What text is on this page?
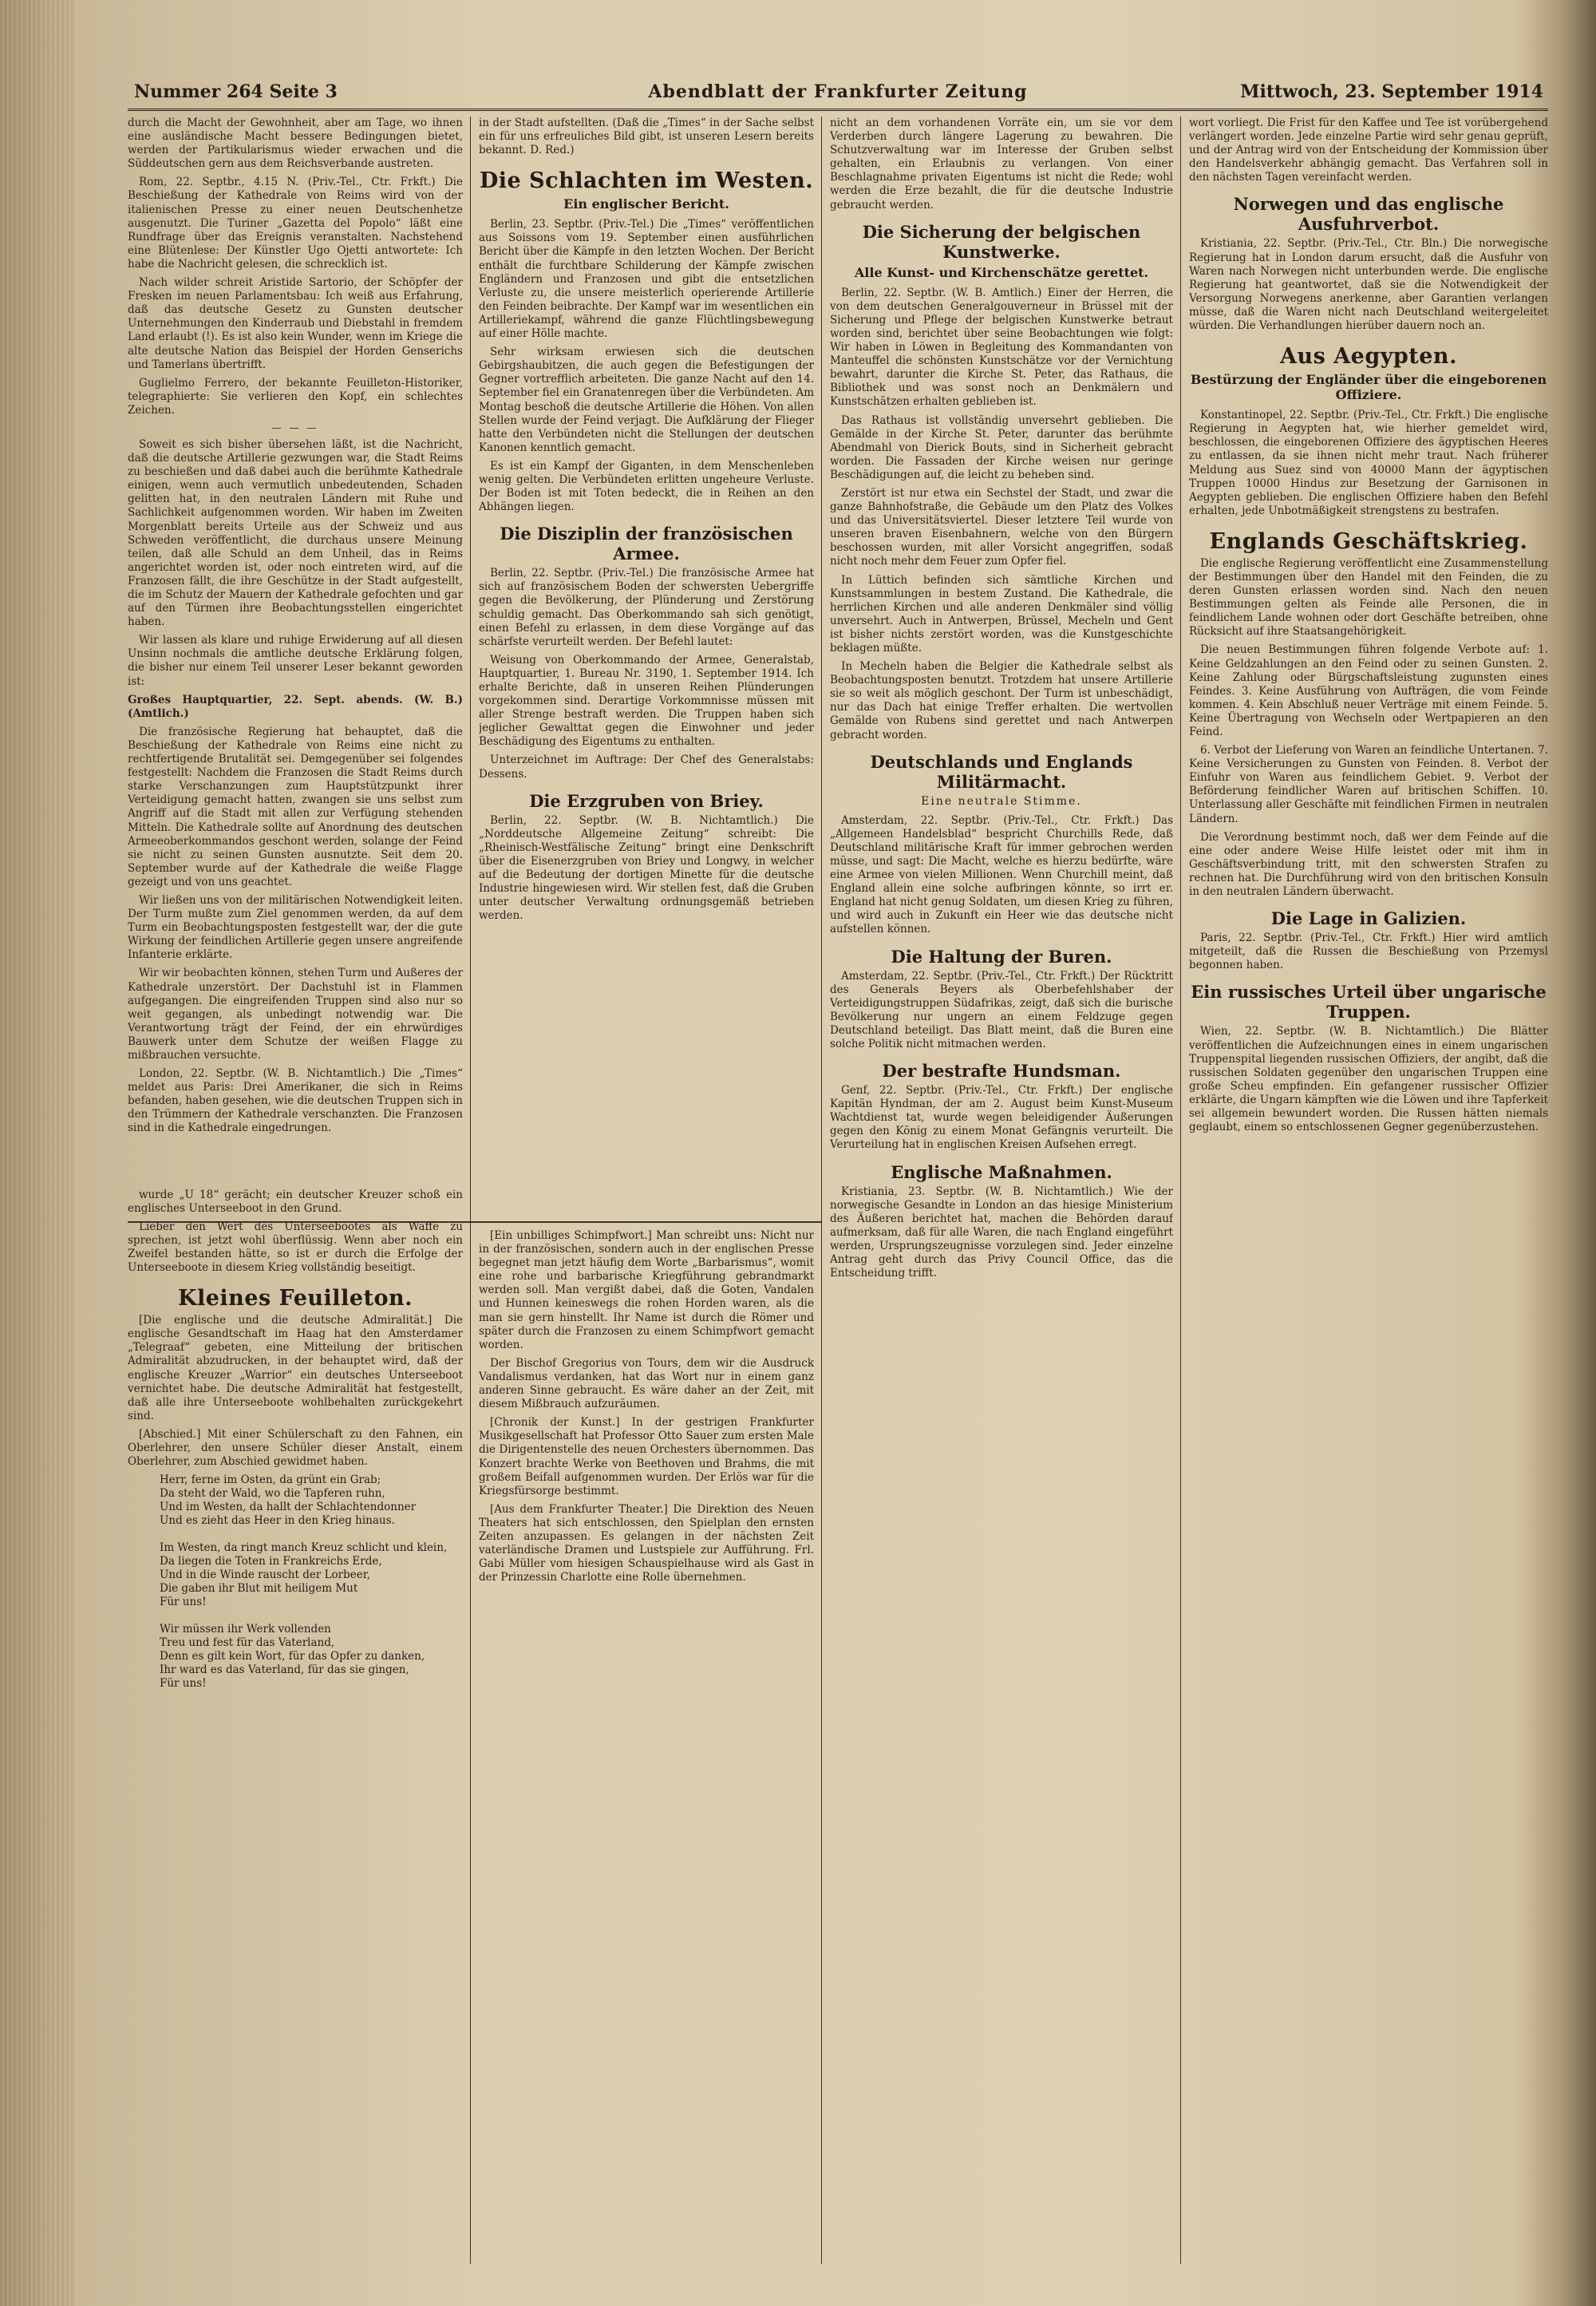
Nummer 264 Seite 3	Abendblatt der Frankfurter Zeitung	Mittwoch, 23. September 1914

durch die Macht der Gewohnheit, aber am Tage, wo ihnen eine ausländische Macht bessere Bedingungen bietet, werden der Partikularismus wieder erwachen und die Süddeutschen gern aus dem Reichsverbande austreten.

Rom, 22. Septbr., 4.15 N. (Priv.-Tel., Ctr. Frkft.) Die Beschießung der Kathedrale von Reims wird von der italienischen Presse zu einer neuen Deutschenhetze ausgenutzt. Die Turiner „Gazetta del Popolo“ läßt eine Rundfrage über das Ereignis veranstalten. Nachstehend eine Blütenlese: Der Künstler Ugo Ojetti antwortete: Ich habe die Nachricht gelesen, die schrecklich ist.

Nach wilder schreit Aristide Sartorio, der Schöpfer der Fresken im neuen Parlamentsbau: Ich weiß aus Erfahrung, daß das deutsche Gesetz zu Gunsten deutscher Unternehmungen den Kinderraub und Diebstahl in fremdem Land erlaubt (!). Es ist also kein Wunder, wenn im Kriege die alte deutsche Nation das Beispiel der Horden Genserichs und Tamerlans übertrifft.

Guglielmo Ferrero, der bekannte Feuilleton-Historiker, telegraphierte: Sie verlieren den Kopf, ein schlechtes Zeichen.

— — —

Soweit es sich bisher übersehen läßt, ist die Nachricht, daß die deutsche Artillerie gezwungen war, die Stadt Reims zu beschießen und daß dabei auch die berühmte Kathedrale einigen, wenn auch vermutlich unbedeutenden, Schaden gelitten hat, in den neutralen Ländern mit Ruhe und Sachlichkeit aufgenommen worden. Wir haben im Zweiten Morgenblatt bereits Urteile aus der Schweiz und aus Schweden veröffentlicht, die durchaus unsere Meinung teilen, daß alle Schuld an dem Unheil, das in Reims angerichtet worden ist, oder noch eintreten wird, auf die Franzosen fällt, die ihre Geschütze in der Stadt aufgestellt, die im Schutz der Mauern der Kathedrale gefochten und gar auf den Türmen ihre Beobachtungsstellen eingerichtet haben.

Wir lassen als klare und ruhige Erwiderung auf all diesen Unsinn nochmals die amtliche deutsche Erklärung folgen, die bisher nur einem Teil unserer Leser bekannt geworden ist:

Großes Hauptquartier, 22. Sept. abends. (W. B.) (Amtlich.)

Die französische Regierung hat behauptet, daß die Beschießung der Kathedrale von Reims eine nicht zu rechtfertigende Brutalität sei. Demgegenüber sei folgendes festgestellt: Nachdem die Franzosen die Stadt Reims durch starke Verschanzungen zum Hauptstützpunkt ihrer Verteidigung gemacht hatten, zwangen sie uns selbst zum Angriff auf die Stadt mit allen zur Verfügung stehenden Mitteln. Die Kathedrale sollte auf Anordnung des deutschen Armeeoberkommandos geschont werden, solange der Feind sie nicht zu seinen Gunsten ausnutzte. Seit dem 20. September wurde auf der Kathedrale die weiße Flagge gezeigt und von uns geachtet.

Wir ließen uns von der militärischen Notwendigkeit leiten. Der Turm mußte zum Ziel genommen werden, da auf dem Turm ein Beobachtungsposten festgestellt war, der die gute Wirkung der feindlichen Artillerie gegen unsere angreifende Infanterie erklärte.

Wir wir beobachten können, stehen Turm und Außeres der Kathedrale unzerstört. Der Dachstuhl ist in Flammen aufgegangen. Die eingreifenden Truppen sind also nur so weit gegangen, als unbedingt notwendig war. Die Verantwortung trägt der Feind, der ein ehrwürdiges Bauwerk unter dem Schutze der weißen Flagge zu mißbrauchen versuchte.

London, 22. Septbr. (W. B. Nichtamtlich.) Die „Times“ meldet aus Paris: Drei Amerikaner, die sich in Reims befanden, haben gesehen, wie die deutschen Truppen sich in den Trümmern der Kathedrale verschanzten. Die Franzosen sind in die Kathedrale eingedrungen.

wurde „U 18“ gerächt; ein deutscher Kreuzer schoß ein englisches Unterseeboot in den Grund.

Lieber den Wert des Unterseebootes als Waffe zu sprechen, ist jetzt wohl überflüssig. Wenn aber noch ein Zweifel bestanden hätte, so ist er durch die Erfolge der Unterseeboote in diesem Krieg vollständig beseitigt.

Kleines Feuilleton.

[Die englische und die deutsche Admiralität.] Die englische Gesandtschaft im Haag hat den Amsterdamer „Telegraaf“ gebeten, eine Mitteilung der britischen Admiralität abzudrucken, in der behauptet wird, daß der englische Kreuzer „Warrior“ ein deutsches Unterseeboot vernichtet habe. Die deutsche Admiralität hat festgestellt, daß alle ihre Unterseeboote wohlbehalten zurückgekehrt sind.

[Abschied.] Mit einer Schülerschaft zu den Fahnen, ein Oberlehrer, den unsere Schüler dieser Anstalt, einem Oberlehrer, zum Abschied gewidmet haben.

Herr, ferne im Osten, da grünt ein Grab;
Da steht der Wald, wo die Tapferen ruhn,
Und im Westen, da hallt der Schlachtendonner
Und es zieht das Heer in den Krieg hinaus.

Im Westen, da ringt manch Kreuz schlicht und klein,
Da liegen die Toten in Frankreichs Erde,
Und in die Winde rauscht der Lorbeer,
Die gaben ihr Blut mit heiligem Mut
Für uns!

Wir müssen ihr Werk vollenden
Treu und fest für das Vaterland,
Denn es gilt kein Wort, für das Opfer zu danken,
Ihr ward es das Vaterland, für das sie gingen,
Für uns!

in der Stadt aufstellten. (Daß die „Times“ in der Sache selbst ein für uns erfreuliches Bild gibt, ist unseren Lesern bereits bekannt. D. Red.)

Die Schlachten im Westen.
Ein englischer Bericht.

Berlin, 23. Septbr. (Priv.-Tel.) Die „Times“ veröffentlichen aus Soissons vom 19. September einen ausführlichen Bericht über die Kämpfe in den letzten Wochen. Der Bericht enthält die furchtbare Schilderung der Kämpfe zwischen Engländern und Franzosen und gibt die entsetzlichen Verluste zu, die unsere meisterlich operierende Artillerie den Feinden beibrachte. Der Kampf war im wesentlichen ein Artilleriekampf, während die ganze Flüchtlingsbewegung auf einer Hölle machte.

Sehr wirksam erwiesen sich die deutschen Gebirgshaubitzen, die auch gegen die Befestigungen der Gegner vortrefflich arbeiteten. Die ganze Nacht auf den 14. September fiel ein Granatenregen über die Verbündeten. Am Montag beschoß die deutsche Artillerie die Höhen. Von allen Stellen wurde der Feind verjagt. Die Aufklärung der Flieger hatte den Verbündeten nicht die Stellungen der deutschen Kanonen kenntlich gemacht.

Es ist ein Kampf der Giganten, in dem Menschenleben wenig gelten. Die Verbündeten erlitten ungeheure Verluste. Der Boden ist mit Toten bedeckt, die in Reihen an den Abhängen liegen.

Die Disziplin der französischen Armee.

Berlin, 22. Septbr. (Priv.-Tel.) Die französische Armee hat sich auf französischem Boden der schwersten Uebergriffe gegen die Bevölkerung, der Plünderung und Zerstörung schuldig gemacht. Das Oberkommando sah sich genötigt, einen Befehl zu erlassen, in dem diese Vorgänge auf das schärfste verurteilt werden. Der Befehl lautet:

Weisung von Oberkommando der Armee, Generalstab, Hauptquartier, 1. Bureau Nr. 3190, 1. September 1914. Ich erhalte Berichte, daß in unseren Reihen Plünderungen vorgekommen sind. Derartige Vorkommnisse müssen mit aller Strenge bestraft werden. Die Truppen haben sich jeglicher Gewalttat gegen die Einwohner und jeder Beschädigung des Eigentums zu enthalten.

Unterzeichnet im Auftrage: Der Chef des Generalstabs: Dessens.

Die Erzgruben von Briey.

Berlin, 22. Septbr. (W. B. Nichtamtlich.) Die „Norddeutsche Allgemeine Zeitung“ schreibt: Die „Rheinisch-Westfälische Zeitung“ bringt eine Denkschrift über die Eisenerzgruben von Briey und Longwy, in welcher auf die Bedeutung der dortigen Minette für die deutsche Industrie hingewiesen wird. Wir stellen fest, daß die Gruben unter deutscher Verwaltung ordnungsgemäß betrieben werden.

[Ein unbilliges Schimpfwort.] Man schreibt uns: Nicht nur in der französischen, sondern auch in der englischen Presse begegnet man jetzt häufig dem Worte „Barbarismus“, womit eine rohe und barbarische Kriegführung gebrandmarkt werden soll. Man vergißt dabei, daß die Goten, Vandalen und Hunnen keineswegs die rohen Horden waren, als die man sie gern hinstellt. Ihr Name ist durch die Römer und später durch die Franzosen zu einem Schimpfwort gemacht worden.

Der Bischof Gregorius von Tours, dem wir die Ausdruck Vandalismus verdanken, hat das Wort nur in einem ganz anderen Sinne gebraucht. Es wäre daher an der Zeit, mit diesem Mißbrauch aufzuräumen.

[Chronik der Kunst.] In der gestrigen Frankfurter Musikgesellschaft hat Professor Otto Sauer zum ersten Male die Dirigentenstelle des neuen Orchesters übernommen. Das Konzert brachte Werke von Beethoven und Brahms, die mit großem Beifall aufgenommen wurden. Der Erlös war für die Kriegsfürsorge bestimmt.

[Aus dem Frankfurter Theater.] Die Direktion des Neuen Theaters hat sich entschlossen, den Spielplan den ernsten Zeiten anzupassen. Es gelangen in der nächsten Zeit vaterländische Dramen und Lustspiele zur Aufführung. Frl. Gabi Müller vom hiesigen Schauspielhause wird als Gast in der Prinzessin Charlotte eine Rolle übernehmen.

nicht an dem vorhandenen Vorräte ein, um sie vor dem Verderben durch längere Lagerung zu bewahren. Die Schutzverwaltung war im Interesse der Gruben selbst gehalten, ein Erlaubnis zu verlangen. Von einer Beschlagnahme privaten Eigentums ist nicht die Rede; wohl werden die Erze bezahlt, die für die deutsche Industrie gebraucht werden.

Die Sicherung der belgischen Kunstwerke.
Alle Kunst- und Kirchenschätze gerettet.

Berlin, 22. Septbr. (W. B. Amtlich.) Einer der Herren, die von dem deutschen Generalgouverneur in Brüssel mit der Sicherung und Pflege der belgischen Kunstwerke betraut worden sind, berichtet über seine Beobachtungen wie folgt: Wir haben in Löwen in Begleitung des Kommandanten von Manteuffel die schönsten Kunstschätze vor der Vernichtung bewahrt, darunter die Kirche St. Peter, das Rathaus, die Bibliothek und was sonst noch an Denkmälern und Kunstschätzen erhalten geblieben ist.

Das Rathaus ist vollständig unversehrt geblieben. Die Gemälde in der Kirche St. Peter, darunter das berühmte Abendmahl von Dierick Bouts, sind in Sicherheit gebracht worden. Die Fassaden der Kirche weisen nur geringe Beschädigungen auf, die leicht zu beheben sind.

Zerstört ist nur etwa ein Sechstel der Stadt, und zwar die ganze Bahnhofstraße, die Gebäude um den Platz des Volkes und das Universitätsviertel. Dieser letztere Teil wurde von unseren braven Eisenbahnern, welche von den Bürgern beschossen wurden, mit aller Vorsicht angegriffen, sodaß nicht noch mehr dem Feuer zum Opfer fiel.

In Lüttich befinden sich sämtliche Kirchen und Kunstsammlungen in bestem Zustand. Die Kathedrale, die herrlichen Kirchen und alle anderen Denkmäler sind völlig unversehrt. Auch in Antwerpen, Brüssel, Mecheln und Gent ist bisher nichts zerstört worden, was die Kunstgeschichte beklagen müßte.

In Mecheln haben die Belgier die Kathedrale selbst als Beobachtungsposten benutzt. Trotzdem hat unsere Artillerie sie so weit als möglich geschont. Der Turm ist unbeschädigt, nur das Dach hat einige Treffer erhalten. Die wertvollen Gemälde von Rubens sind gerettet und nach Antwerpen gebracht worden.

Deutschlands und Englands Militärmacht.
Eine neutrale Stimme.

Amsterdam, 22. Septbr. (Priv.-Tel., Ctr. Frkft.) Das „Allgemeen Handelsblad“ bespricht Churchills Rede, daß Deutschland militärische Kraft für immer gebrochen werden müsse, und sagt: Die Macht, welche es hierzu bedürfte, wäre eine Armee von vielen Millionen. Wenn Churchill meint, daß England allein eine solche aufbringen könnte, so irrt er. England hat nicht genug Soldaten, um diesen Krieg zu führen, und wird auch in Zukunft ein Heer wie das deutsche nicht aufstellen können.

Die Haltung der Buren.

Amsterdam, 22. Septbr. (Priv.-Tel., Ctr. Frkft.) Der Rücktritt des Generals Beyers als Oberbefehlshaber der Verteidigungstruppen Südafrikas, zeigt, daß sich die burische Bevölkerung nur ungern an einem Feldzuge gegen Deutschland beteiligt. Das Blatt meint, daß die Buren eine solche Politik nicht mitmachen werden.

Der bestrafte Hundsman.

Genf, 22. Septbr. (Priv.-Tel., Ctr. Frkft.) Der englische Kapitän Hyndman, der am 2. August beim Kunst-Museum Wachtdienst tat, wurde wegen beleidigender Äußerungen gegen den König zu einem Monat Gefängnis verurteilt. Die Verurteilung hat in englischen Kreisen Aufsehen erregt.

Englische Maßnahmen.

Kristiania, 23. Septbr. (W. B. Nichtamtlich.) Wie der norwegische Gesandte in London an das hiesige Ministerium des Äußeren berichtet hat, machen die Behörden darauf aufmerksam, daß für alle Waren, die nach England eingeführt werden, Ursprungszeugnisse vorzulegen sind. Jeder einzelne Antrag geht durch das Privy Council Office, das die Entscheidung trifft.

wort vorliegt. Die Frist für den Kaffee und Tee ist vorübergehend verlängert worden. Jede einzelne Partie wird sehr genau geprüft, und der Antrag wird von der Entscheidung der Kommission über den Handelsverkehr abhängig gemacht. Das Verfahren soll in den nächsten Tagen vereinfacht werden.

Norwegen und das englische Ausfuhrverbot.

Kristiania, 22. Septbr. (Priv.-Tel., Ctr. Bln.) Die norwegische Regierung hat in London darum ersucht, daß die Ausfuhr von Waren nach Norwegen nicht unterbunden werde. Die englische Regierung hat geantwortet, daß sie die Notwendigkeit der Versorgung Norwegens anerkenne, aber Garantien verlangen müsse, daß die Waren nicht nach Deutschland weitergeleitet würden. Die Verhandlungen hierüber dauern noch an.

Aus Aegypten.
Bestürzung der Engländer über die eingeborenen Offiziere.

Konstantinopel, 22. Septbr. (Priv.-Tel., Ctr. Frkft.) Die englische Regierung in Aegypten hat, wie hierher gemeldet wird, beschlossen, die eingeborenen Offiziere des ägyptischen Heeres zu entlassen, da sie ihnen nicht mehr traut. Nach früherer Meldung aus Suez sind von 40000 Mann der ägyptischen Truppen 10000 Hindus zur Besetzung der Garnisonen in Aegypten geblieben. Die englischen Offiziere haben den Befehl erhalten, jede Unbotmäßigkeit strengstens zu bestrafen.

Englands Geschäftskrieg.

Die englische Regierung veröffentlicht eine Zusammenstellung der Bestimmungen über den Handel mit den Feinden, die zu deren Gunsten erlassen worden sind. Nach den neuen Bestimmungen gelten als Feinde alle Personen, die in feindlichem Lande wohnen oder dort Geschäfte betreiben, ohne Rücksicht auf ihre Staatsangehörigkeit.

Die neuen Bestimmungen führen folgende Verbote auf: 1. Keine Geldzahlungen an den Feind oder zu seinen Gunsten. 2. Keine Zahlung oder Bürgschaftsleistung zugunsten eines Feindes. 3. Keine Ausführung von Aufträgen, die vom Feinde kommen. 4. Kein Abschluß neuer Verträge mit einem Feinde. 5. Keine Übertragung von Wechseln oder Wertpapieren an den Feind.

6. Verbot der Lieferung von Waren an feindliche Untertanen. 7. Keine Versicherungen zu Gunsten von Feinden. 8. Verbot der Einfuhr von Waren aus feindlichem Gebiet. 9. Verbot der Beförderung feindlicher Waren auf britischen Schiffen. 10. Unterlassung aller Geschäfte mit feindlichen Firmen in neutralen Ländern.

Die Verordnung bestimmt noch, daß wer dem Feinde auf die eine oder andere Weise Hilfe leistet oder mit ihm in Geschäftsverbindung tritt, mit den schwersten Strafen zu rechnen hat. Die Durchführung wird von den britischen Konsuln in den neutralen Ländern überwacht.

Die Lage in Galizien.

Paris, 22. Septbr. (Priv.-Tel., Ctr. Frkft.) Hier wird amtlich mitgeteilt, daß die Russen die Beschießung von Przemysl begonnen haben.

Ein russisches Urteil über ungarische Truppen.

Wien, 22. Septbr. (W. B. Nichtamtlich.) Die Blätter veröffentlichen die Aufzeichnungen eines in einem ungarischen Truppenspital liegenden russischen Offiziers, der angibt, daß die russischen Soldaten gegenüber den ungarischen Truppen eine große Scheu empfinden. Ein gefangener russischer Offizier erklärte, die Ungarn kämpften wie die Löwen und ihre Tapferkeit sei allgemein bewundert worden. Die Russen hätten niemals geglaubt, einem so entschlossenen Gegner gegenüberzustehen.
